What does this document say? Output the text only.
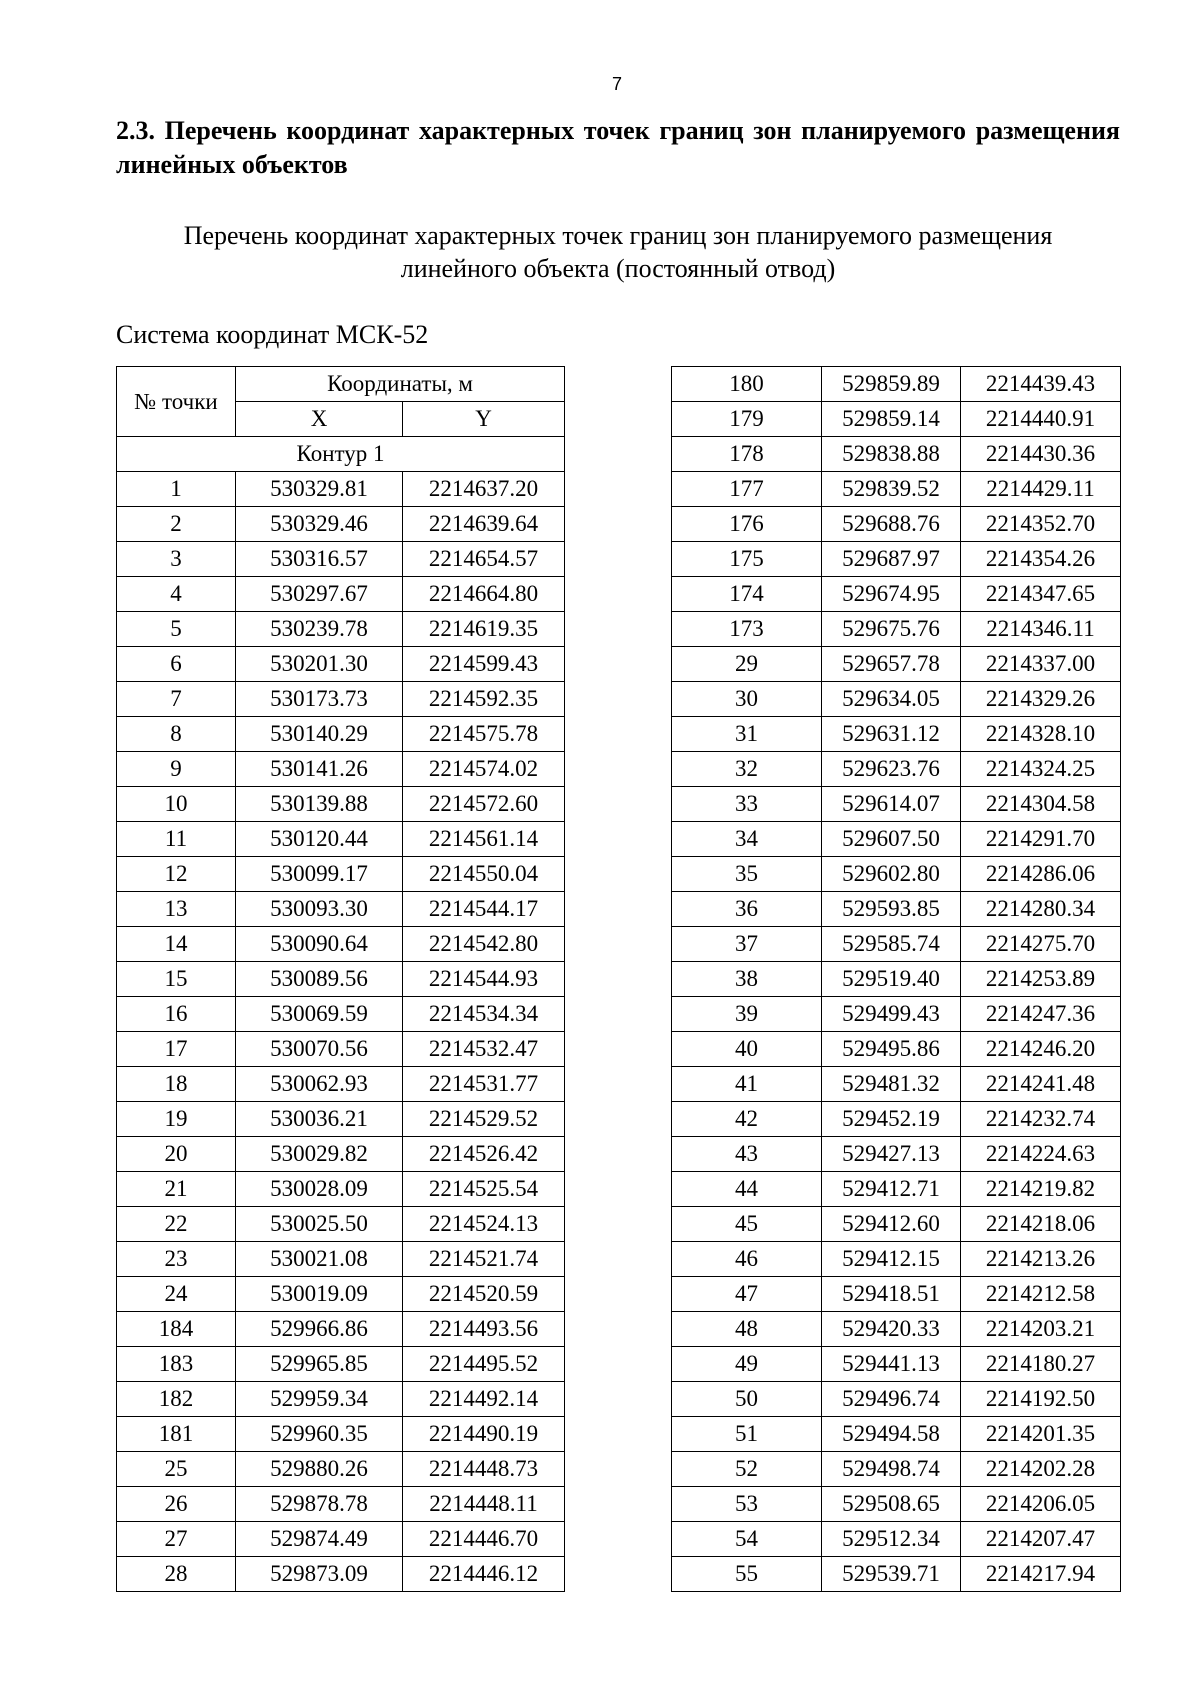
7
2.3. Перечень координат характерных точек границ зон планируемого размещения линейных объектов
Перечень координат характерных точек границ зон планируемого размещения
линейного объекта (постоянный отвод)
Система координат МСК-52
№ точки	Координаты, м	
	X	Y
Контур 1		
1	530329.81	2214637.20
2	530329.46	2214639.64
3	530316.57	2214654.57
4	530297.67	2214664.80
5	530239.78	2214619.35
6	530201.30	2214599.43
7	530173.73	2214592.35
8	530140.29	2214575.78
9	530141.26	2214574.02
10	530139.88	2214572.60
11	530120.44	2214561.14
12	530099.17	2214550.04
13	530093.30	2214544.17
14	530090.64	2214542.80
15	530089.56	2214544.93
16	530069.59	2214534.34
17	530070.56	2214532.47
18	530062.93	2214531.77
19	530036.21	2214529.52
20	530029.82	2214526.42
21	530028.09	2214525.54
22	530025.50	2214524.13
23	530021.08	2214521.74
24	530019.09	2214520.59
184	529966.86	2214493.56
183	529965.85	2214495.52
182	529959.34	2214492.14
181	529960.35	2214490.19
25	529880.26	2214448.73
26	529878.78	2214448.11
27	529874.49	2214446.70
28	529873.09	2214446.12
180	529859.89	2214439.43
179	529859.14	2214440.91
178	529838.88	2214430.36
177	529839.52	2214429.11
176	529688.76	2214352.70
175	529687.97	2214354.26
174	529674.95	2214347.65
173	529675.76	2214346.11
29	529657.78	2214337.00
30	529634.05	2214329.26
31	529631.12	2214328.10
32	529623.76	2214324.25
33	529614.07	2214304.58
34	529607.50	2214291.70
35	529602.80	2214286.06
36	529593.85	2214280.34
37	529585.74	2214275.70
38	529519.40	2214253.89
39	529499.43	2214247.36
40	529495.86	2214246.20
41	529481.32	2214241.48
42	529452.19	2214232.74
43	529427.13	2214224.63
44	529412.71	2214219.82
45	529412.60	2214218.06
46	529412.15	2214213.26
47	529418.51	2214212.58
48	529420.33	2214203.21
49	529441.13	2214180.27
50	529496.74	2214192.50
51	529494.58	2214201.35
52	529498.74	2214202.28
53	529508.65	2214206.05
54	529512.34	2214207.47
55	529539.71	2214217.94
